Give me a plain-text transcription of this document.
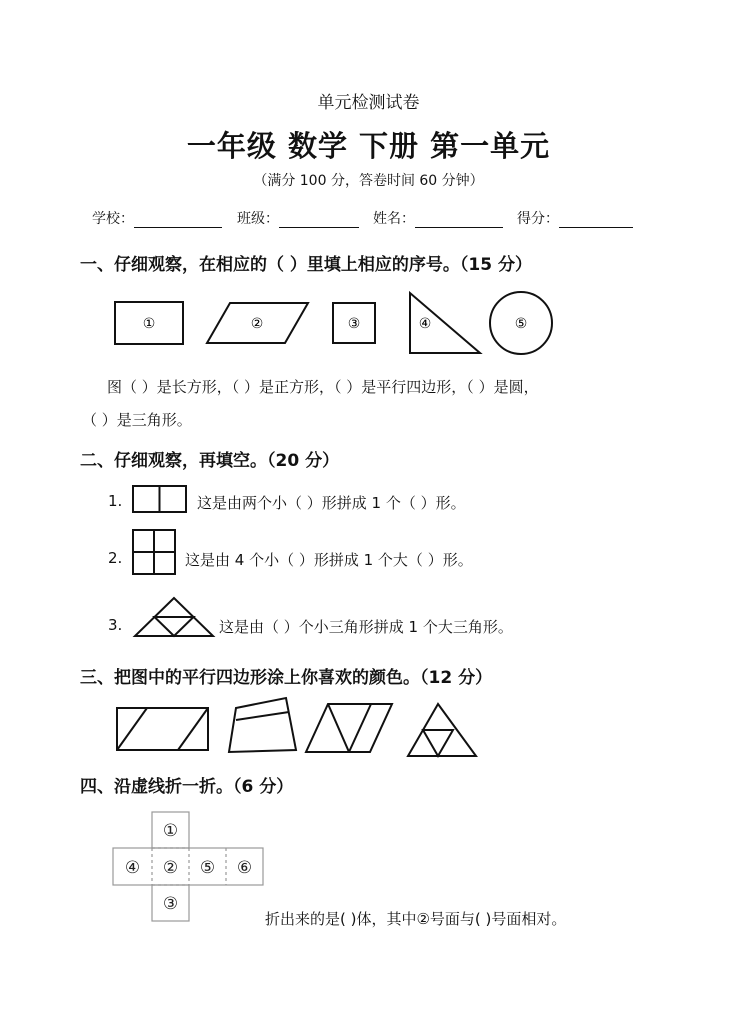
单元检测试卷
一年级 数学 下册 第一单元
（满分 100 分，答卷时间 60 分钟）
学校：	班级：	姓名：	得分：
一、仔细观察，在相应的（ ）里填上相应的序号。（15 分）
①	②	③	④	⑤
图（ ）是长方形，（ ）是正方形，（ ）是平行四边形，（ ）是圆，
（ ）是三角形。
二、仔细观察，再填空。（20 分）
1.	这是由两个小（ ）形拼成 1 个（ ）形。
2.	这是由 4 个小（ ）形拼成 1 个大（ ）形。
3.	这是由（ ）个小三角形拼成 1 个大三角形。
三、把图中的平行四边形涂上你喜欢的颜色。（12 分）
四、沿虚线折一折。（6 分）
①
④ ② ⑤ ⑥
③
折出来的是( )体，其中②号面与( )号面相对。
